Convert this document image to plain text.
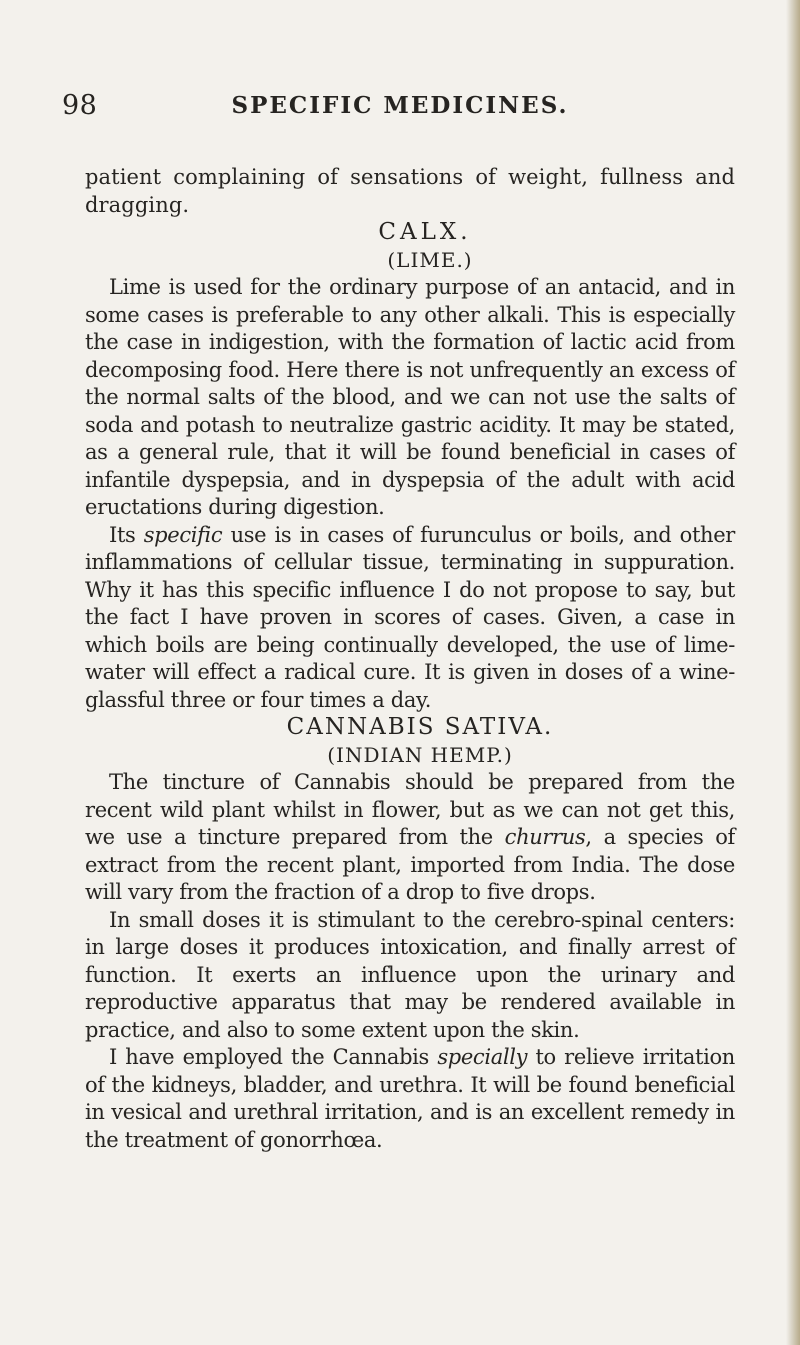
98	SPECIFIC MEDICINES.

patient complaining of sensations of weight, fullness and dragging.

CALX.

(LIME.)

Lime is used for the ordinary purpose of an antacid, and in some cases is preferable to any other alkali. This is especially the case in indigestion, with the formation of lactic acid from decomposing food. Here there is not unfrequently an excess of the normal salts of the blood, and we can not use the salts of soda and potash to neutralize gastric acidity. It may be stated, as a general rule, that it will be found beneficial in cases of infantile dyspepsia, and in dyspepsia of the adult with acid eructations during digestion.

Its specific use is in cases of furunculus or boils, and other inflammations of cellular tissue, terminating in suppuration. Why it has this specific influence I do not propose to say, but the fact I have proven in scores of cases. Given, a case in which boils are being continually developed, the use of lime-water will effect a radical cure. It is given in doses of a wine-glassful three or four times a day.

CANNABIS SATIVA.

(INDIAN HEMP.)

The tincture of Cannabis should be prepared from the recent wild plant whilst in flower, but as we can not get this, we use a tincture prepared from the churrus, a species of extract from the recent plant, imported from India. The dose will vary from the fraction of a drop to five drops.

In small doses it is stimulant to the cerebro-spinal centers: in large doses it produces intoxication, and finally arrest of function. It exerts an influence upon the urinary and reproductive apparatus that may be rendered available in practice, and also to some extent upon the skin.

I have employed the Cannabis specially to relieve irritation of the kidneys, bladder, and urethra. It will be found beneficial in vesical and urethral irritation, and is an excellent remedy in the treatment of gonorrhœa.
